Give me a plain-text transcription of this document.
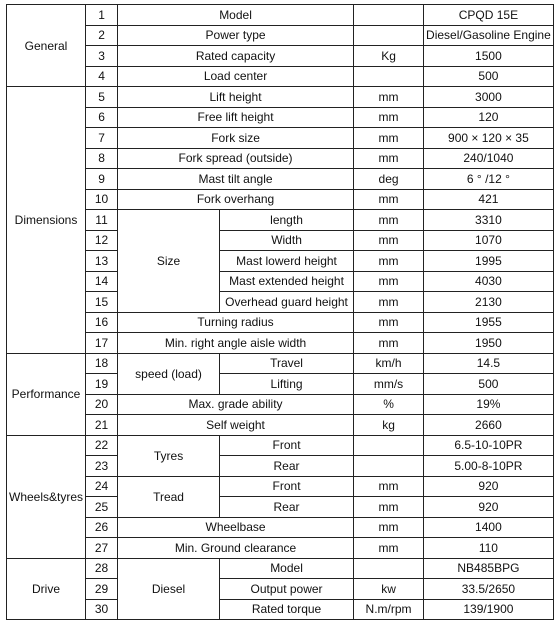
General	1	Model			CPQD 15E
	2	Power type			Diesel/Gasoline Engine
	3	Rated capacity		Kg	1500
	4	Load center			500
Dimensions	5	Lift height		mm	3000
	6	Free lift height		mm	120
	7	Fork size		mm	900 × 120 × 35
	8	Fork spread (outside)		mm	240/1040
	9	Mast tilt angle		deg	6 ° /12 °
	10	Fork overhang		mm	421
	11	Size	length	mm	3310
	12		Width	mm	1070
	13		Mast lowerd height	mm	1995
	14		Mast extended height	mm	4030
	15		Overhead guard height	mm	2130
	16	Turning radius		mm	1955
	17	Min. right angle aisle width		mm	1950
Performance	18	speed (load)	Travel	km/h	14.5
	19		Lifting	mm/s	500
	20	Max. grade ability		%	19%
	21	Self weight		kg	2660
Wheels&tyres	22	Tyres	Front		6.5-10-10PR
	23		Rear		5.00-8-10PR
	24	Tread	Front	mm	920
	25		Rear	mm	920
	26	Wheelbase		mm	1400
	27	Min. Ground clearance		mm	110
Drive	28	Diesel	Model		NB485BPG
	29		Output power	kw	33.5/2650
	30		Rated torque	N.m/rpm	139/1900
